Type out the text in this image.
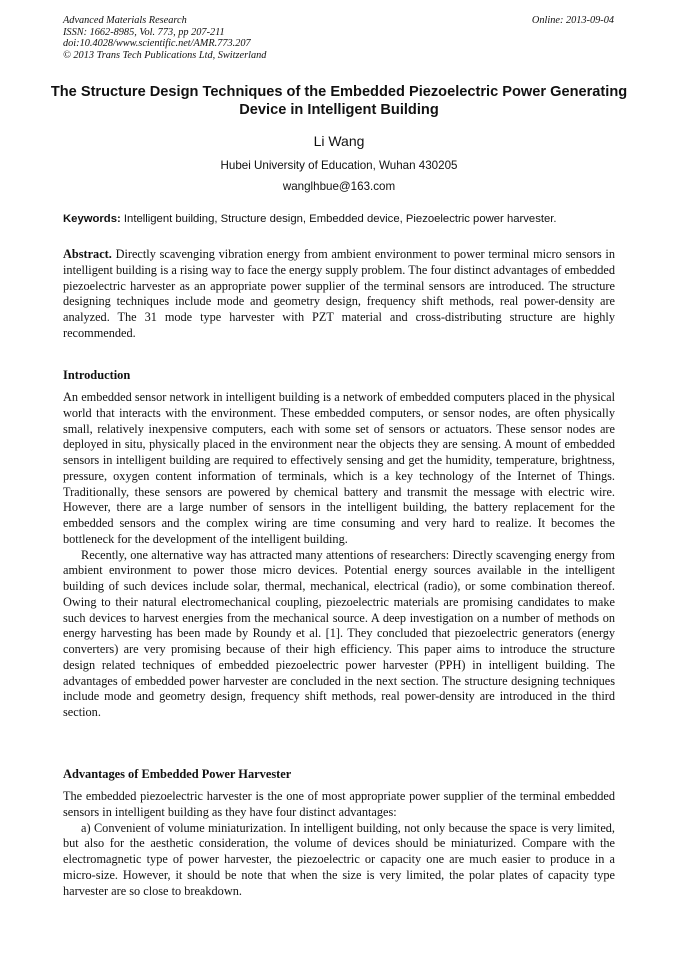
Advanced Materials Research
ISSN: 1662-8985, Vol. 773, pp 207-211
doi:10.4028/www.scientific.net/AMR.773.207
© 2013 Trans Tech Publications Ltd, Switzerland
Online: 2013-09-04
The Structure Design Techniques of the Embedded Piezoelectric Power Generating Device in Intelligent Building
Li Wang
Hubei University of Education, Wuhan 430205
wanglhbue@163.com
Keywords: Intelligent building, Structure design, Embedded device, Piezoelectric power harvester.

Abstract. Directly scavenging vibration energy from ambient environment to power terminal micro sensors in intelligent building is a rising way to face the energy supply problem. The four distinct advantages of embedded piezoelectric harvester as an appropriate power supplier of the terminal sensors are introduced. The structure designing techniques include mode and geometry design, frequency shift methods, real power-density are analyzed. The 31 mode type harvester with PZT material and cross-distributing structure are highly recommended.

Introduction

An embedded sensor network in intelligent building is a network of embedded computers placed in the physical world that interacts with the environment. These embedded computers, or sensor nodes, are often physically small, relatively inexpensive computers, each with some set of sensors or actuators. These sensor nodes are deployed in situ, physically placed in the environment near the objects they are sensing. A mount of embedded sensors in intelligent building are required to effectively sensing and get the humidity, temperature, brightness, pressure, oxygen content information of terminals, which is a key technology of the Internet of Things. Traditionally, these sensors are powered by chemical battery and transmit the message with electric wire. However, there are a large number of sensors in the intelligent building, the battery replacement for the embedded sensors and the complex wiring are time consuming and very hard to realize. It becomes the bottleneck for the development of the intelligent building.

Recently, one alternative way has attracted many attentions of researchers: Directly scavenging energy from ambient environment to power those micro devices. Potential energy sources available in the intelligent building of such devices include solar, thermal, mechanical, electrical (radio), or some combination thereof. Owing to their natural electromechanical coupling, piezoelectric materials are promising candidates to make such devices to harvest energies from the mechanical source. A deep investigation on a number of methods on energy harvesting has been made by Roundy et al. [1]. They concluded that piezoelectric generators (energy converters) are very promising because of their high efficiency. This paper aims to introduce the structure design related techniques of embedded piezoelectric power harvester (PPH) in intelligent building. The advantages of embedded power harvester are concluded in the next section. The structure designing techniques include mode and geometry design, frequency shift methods, real power-density are introduced in the third section.

Advantages of Embedded Power Harvester

The embedded piezoelectric harvester is the one of most appropriate power supplier of the terminal embedded sensors in intelligent building as they have four distinct advantages:

a) Convenient of volume miniaturization. In intelligent building, not only because the space is very limited, but also for the aesthetic consideration, the volume of devices should be miniaturized. Compare with the electromagnetic type of power harvester, the piezoelectric or capacity one are much easier to produce in a micro-size. However, it should be note that when the size is very limited, the polar plates of capacity type harvester are so close to breakdown.
